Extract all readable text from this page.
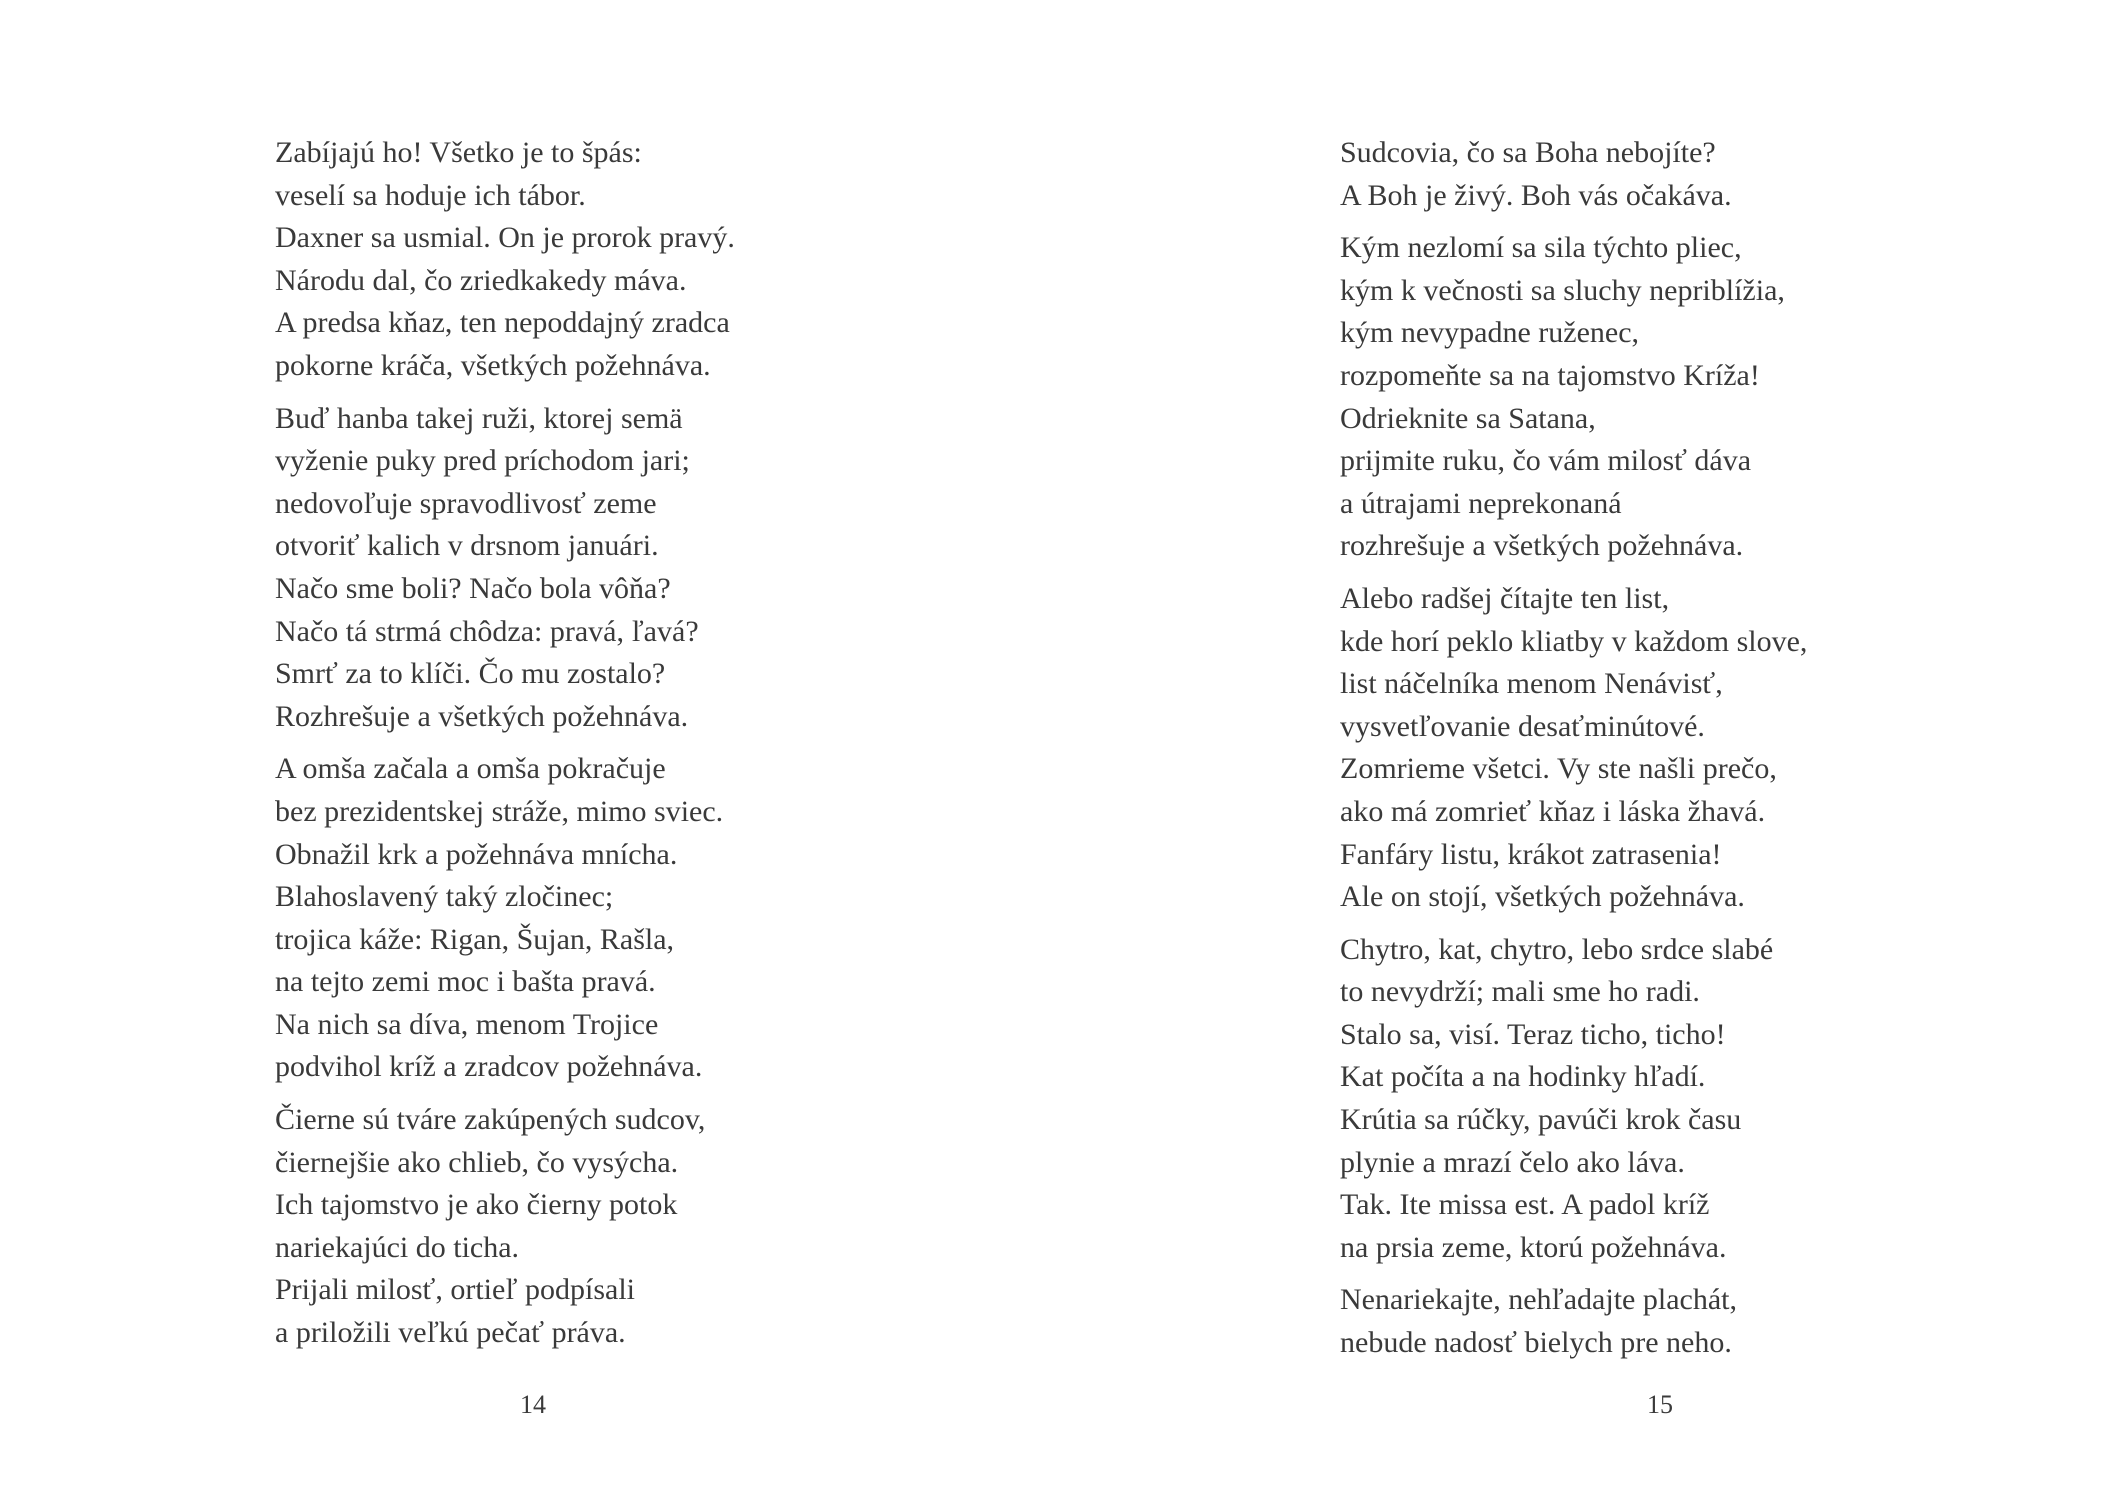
Zabíjajú ho! Všetko je to špás:
veselí sa hoduje ich tábor.
Daxner sa usmial. On je prorok pravý.
Národu dal, čo zriedkakedy máva.
A predsa kňaz, ten nepoddajný zradca
pokorne kráča, všetkých požehnáva.
Buď hanba takej ruži, ktorej semä
vyženie puky pred príchodom jari;
nedovoľuje spravodlivosť zeme
otvoriť kalich v drsnom januári.
Načo sme boli? Načo bola vôňa?
Načo tá strmá chôdza: pravá, ľavá?
Smrť za to klíči. Čo mu zostalo?
Rozhrešuje a všetkých požehnáva.
A omša začala a omša pokračuje
bez prezidentskej stráže, mimo sviec.
Obnažil krk a požehnáva mnícha.
Blahoslavený taký zločinec;
trojica káže: Rigan, Šujan, Rašla,
na tejto zemi moc i bašta pravá.
Na nich sa díva, menom Trojice
podvihol kríž a zradcov požehnáva.
Čierne sú tváre zakúpených sudcov,
čiernejšie ako chlieb, čo vysýcha.
Ich tajomstvo je ako čierny potok
nariekajúci do ticha.
Prijali milosť, ortieľ podpísali
a priložili veľkú pečať práva.
14
Sudcovia, čo sa Boha nebojíte?
A Boh je živý. Boh vás očakáva.
Kým nezlomí sa sila týchto pliec,
kým k večnosti sa sluchy nepriblížia,
kým nevypadne ruženec,
rozpomeňte sa na tajomstvo Kríža!
Odrieknite sa Satana,
prijmite ruku, čo vám milosť dáva
a útrajami neprekonaná
rozhrešuje a všetkých požehnáva.
Alebo radšej čítajte ten list,
kde horí peklo kliatby v každom slove,
list náčelníka menom Nenávisť,
vysvetľovanie desaťminútové.
Zomrieme všetci. Vy ste našli prečo,
ako má zomrieť kňaz i láska žhavá.
Fanfáry listu, krákot zatrasenia!
Ale on stojí, všetkých požehnáva.
Chytro, kat, chytro, lebo srdce slabé
to nevydrží; mali sme ho radi.
Stalo sa, visí. Teraz ticho, ticho!
Kat počíta a na hodinky hľadí.
Krútia sa rúčky, pavúči krok času
plynie a mrazí čelo ako láva.
Tak. Ite missa est. A padol kríž
na prsia zeme, ktorú požehnáva.
Nenariekajte, nehľadajte plachát,
nebude nadosť bielych pre neho.
15
